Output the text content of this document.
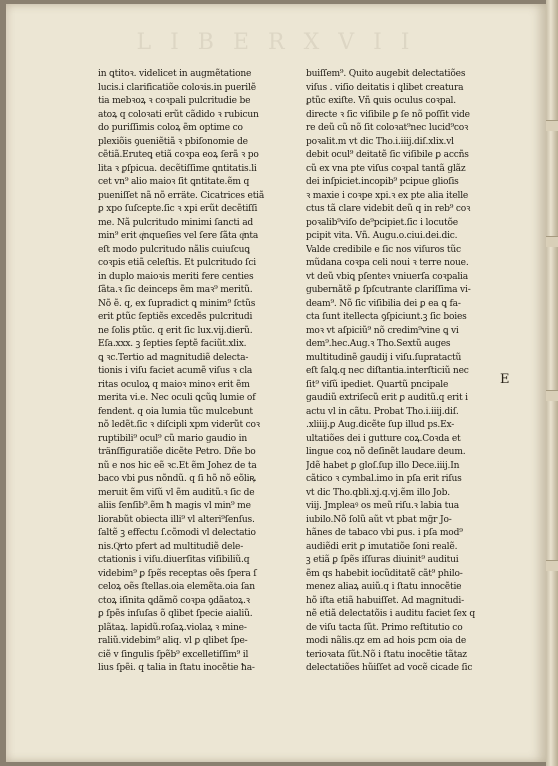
L I B E R X V I I
in ꝗtitoꝛ. videlicet in augmẽtatione
lucis.i clarificatiõe coloꝛis.in puerilẽ
tia mebꝛoꝝ ꝛ coꝛpali pulcritudie be
atoꝝ q coloꝛati erũt cãdido ꝛ rubicun
do puriſſimis coloꝝ ẽm optime co
plexiõis ꝯueniẽtiã ꝛ pbiſonomie de
cẽtiã.Eruteꝗ etiã coꝛpa eoꝝ ſerã ꝛ po
lita ꝛ ꝑſpicua. decẽtiſſime ꝗntitatis.li
cet vn⁹ alio maioꝛ ſit ꝗntitate.ẽm q
pueniſſet nã nõ erräte. Cicatrices etiã
ꝑ xpo ſuſcepte.ſic ꝛ xpi erũt decẽtiſſi
me. Nã pulcritudo minimi ſancti ad
min⁹ erit qͥnqueſies vel ſere ſãta qͥnta
eſt modo pulcritudo nãlis cuiuſcuꝗ
coꝛpis etiã celeſtis. Et pulcritudo ſci
in duplo maioꝛis meriti fere centies
ſãta.ꝛ ſic deinceps ẽm maꝛ⁹ meritũ.
Nõ ẽ. q, ex ſupradict ꝗ minim⁹ ſctũs
erit ꝑtũc ſeptiẽs excedẽs pulcritudi
ne ſolis ꝑtũc. q erit ſic lux.vij.dierũ.
Eſa.xxx. ꝫ ſepties ſeptẽ faciũt.xlix.
ꝗ ꝛc.Tertio ad magnitudiẽ delecta-
tionis i viſu faciet acumẽ viſus ꝛ cla
ritas oculoꝝ q maioꝛ minoꝛ erit ẽm
merita vi.e. Nec oculi ꝗcũꝗ lumie of
fendent. q oia lumia tũc mulcebunt
nõ ledẽt.ſic ꝛ diſcipli xpm viderũt coꝛ
ruptibili⁹ ocul⁹ cũ mario gaudio in
tränſfiguratiõe dicẽte Petro. Dñe bo
nũ e nos hic eẽ ꝛc.Et ẽm Johez de ta
baco vbi ꝑus nõndũ. q ſi hõ nõ eõliꝶ
meruit ẽm viſũ vl ẽm auditũ.ꝛ ſic de
aliis ſenſib⁹.ẽm ħ magis vl min⁹ me
liorabũt obiecta illi⁹ vl alteri⁹ſenſus.
ſaltẽ ꝫ effectu ſ.cõmodi vl delectatio
nis.Qͥrto pfert ad multitudiẽ dele-
ctationis i viſu.diuerſitas viſibiliũ.q
videbim⁹ ꝑ ſpẽs receptas oẽs ſpera ſ
celoꝝ oẽs ſtellas.oia elemẽta.oia ſan
ctoꝝ iſinita ꝗdãmõ coꝛpa ꝯdãatoꝝ.ꝛ
ꝑ ſpẽs inſuſas õ qlibet ſpecie aialiũ.
plãtaꝝ. lapidũ.roſaꝝ.violaꝝ ꝛ mine-
raliũ.videbim⁹ aliq. vl ꝑ qlibet ſpe-
ciẽ v ſingulis ſpẽb⁹ excelletiſſim⁹ il
lius ſpẽi. q talia in ſtatu inocẽtie ħa-
buiſſem⁹. Quito augebit delectatiões
viſus . viſio deitatis i qlibet creatura
ꝑtũc exiſte. Vñ ꝗuis oculus coꝛpal.
directe ꝛ ſic viſibile ꝑ ſe nõ poſſit vide
re deũ cũ nõ ſit coloꝛat⁹nec lucid⁹coꝛ
poꝛalit.m vt dic Tho.i.iiij.diſ.xlix.vl
debit ocul⁹ deitatẽ ſic viſibile ꝑ accñs
cũ ex vna pte viſus coꝛpal tantã glãz
dei inſpiciet.incopib⁹ pcipue glioſis
ꝛ maxie i coꝛpe xpi.ꝛ ex pte alia itelle
ctus tã clare videbit deũ q in reb⁹ coꝛ
poꝛalib⁹viſo de⁹pcipiet.ſic i locutõe
pcipit vita. Vñ. Augu.o.ciui.dei.dic.
Valde credibile e ſic nos viſuros tũc
mũdana coꝛpa celi noui ꝛ terre noue.
vt deũ vbiꝗ pſenteꝛ vniuerſa coꝛpalia
gubernãtẽ ꝑ ſpſcutrante clariſſima vi-
deam⁹. Nõ ſic viſibilia dei ꝑ ea ꝗ fa-
cta ſunt itellecta ꝯſpiciunt.ꝫ ſic boies
moꝛ vt aſpiciũ⁹ nõ credim⁹vine ꝗ vi
dem⁹.hec.Aug.ꝛ Tho.Sextũ auges
multitudinẽ gaudij i viſu.ſupratactũ
eſt ſalꝗ.q nec diſtantia.interſticiũ nec
ſit⁹ viſũ ipediet. Quartũ pncipale
gaudiũ extriſecũ erit ꝑ auditũ.q erit i
actu vl in cãtu. Probat Tho.i.iiij.diſ.
.xliiij.ꝑ Aug.dicẽte ſup illud ps.Ex-
ultatiões dei i gutture coꝝ.Coꝛda et
lingue coꝝ nõ deſinẽt laudare deum.
Jdẽ habet ꝑ gloſ.ſup illo Dece.iiij.In
cãtico ꝛ cymbal.imo in pſa erit riſus
vt dic Tho.qbli.xj.q.vj.ẽm illo Job.
viij. Jmpleaꝰ os meũ riſu.ꝛ labia tua
iubilo.Nõ ſolũ aũt vt pbat mg̃r Jo-
hãnes de tabaco vbi ꝑus. i pſa mod⁹
audiẽdi erit ꝑ imutatiõe ſoni realẽ.
ꝫ etiã ꝑ ſpẽs iſſuras diuinit⁹ auditui
ẽm qs habebit iocũditatẽ cãt⁹ philo-
menez aliaꝝ auiũ.q i ſtatu innocẽtie
hõ iſta etiã habuiſſet. Ad magnitudi-
nẽ etiã delectatõis i auditu faciet ſex q
de viſu tacta ſũt. Primo reſtitutio co
modi nãlis.qz em ad hois pcm oia de
terioꝛata ſũt.Nõ i ſtatu inocẽtie tãtaz
delectatiões hũiſſet ad vocẽ cicade ſic
E
